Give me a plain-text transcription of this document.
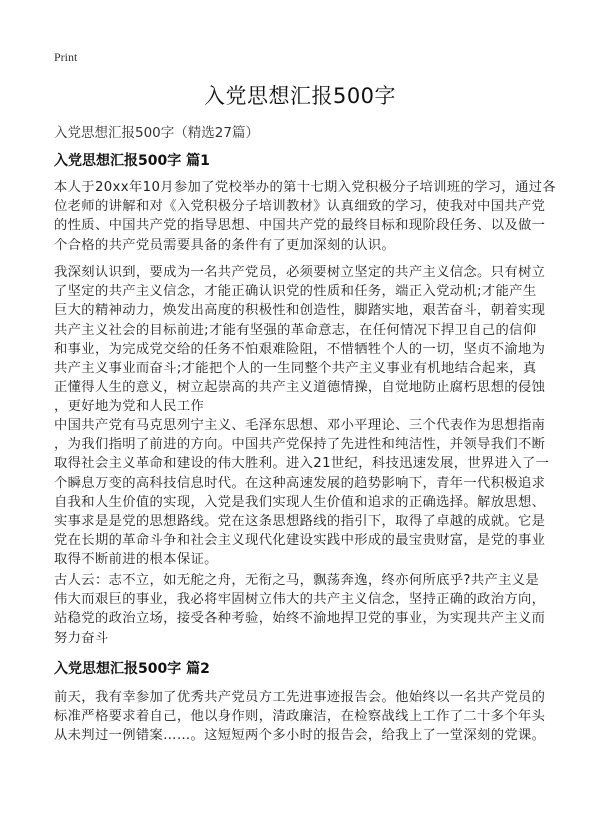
Print
入党思想汇报500字
入党思想汇报500字（精选27篇）
入党思想汇报500字 篇1
本人于20xx年10月参加了党校举办的第十七期入党积极分子培训班的学习，通过各
位老师的讲解和对《入党积极分子培训教材》认真细致的学习，使我对中国共产党
的性质、中国共产党的指导思想、中国共产党的最终目标和现阶段任务、以及做一
个合格的共产党员需要具备的条件有了更加深刻的认识。
我深刻认识到，要成为一名共产党员，必须要树立坚定的共产主义信念。只有树立
了坚定的共产主义信念，才能正确认识党的性质和任务，端正入党动机;才能产生
巨大的精神动力，焕发出高度的积极性和创造性，脚踏实地，艰苦奋斗，朝着实现
共产主义社会的目标前进;才能有坚强的革命意志，在任何情况下捍卫自己的信仰
和事业，为完成党交给的任务不怕艰难险阻，不惜牺牲个人的一切，坚贞不渝地为
共产主义事业而奋斗;才能把个人的一生同整个共产主义事业有机地结合起来，真
正懂得人生的意义，树立起崇高的共产主义道德情操，自觉地防止腐朽思想的侵蚀
，更好地为党和人民工作
中国共产党有马克思列宁主义、毛泽东思想、邓小平理论、三个代表作为思想指南
，为我们指明了前进的方向。中国共产党保持了先进性和纯洁性，并领导我们不断
取得社会主义革命和建设的伟大胜利。进入21世纪，科技迅速发展，世界进入了一
个瞬息万变的高科技信息时代。在这种高速发展的趋势影响下，青年一代积极追求
自我和人生价值的实现，入党是我们实现人生价值和追求的正确选择。解放思想、
实事求是是党的思想路线。党在这条思想路线的指引下，取得了卓越的成就。它是
党在长期的革命斗争和社会主义现代化建设实践中形成的最宝贵财富，是党的事业
取得不断前进的根本保证。
古人云：志不立，如无舵之舟，无衔之马，飘荡奔逸，终亦何所底乎?共产主义是
伟大而艰巨的事业，我必将牢固树立伟大的共产主义信念，坚持正确的政治方向，
站稳党的政治立场，接受各种考验，始终不渝地捍卫党的事业，为实现共产主义而
努力奋斗
入党思想汇报500字 篇2
前天，我有幸参加了优秀共产党员方工先进事迹报告会。他始终以一名共产党员的
标准严格要求着自己，他以身作则，清政廉洁，在检察战线上工作了二十多个年头
从未判过一例错案……。这短短两个多小时的报告会，给我上了一堂深刻的党课。
